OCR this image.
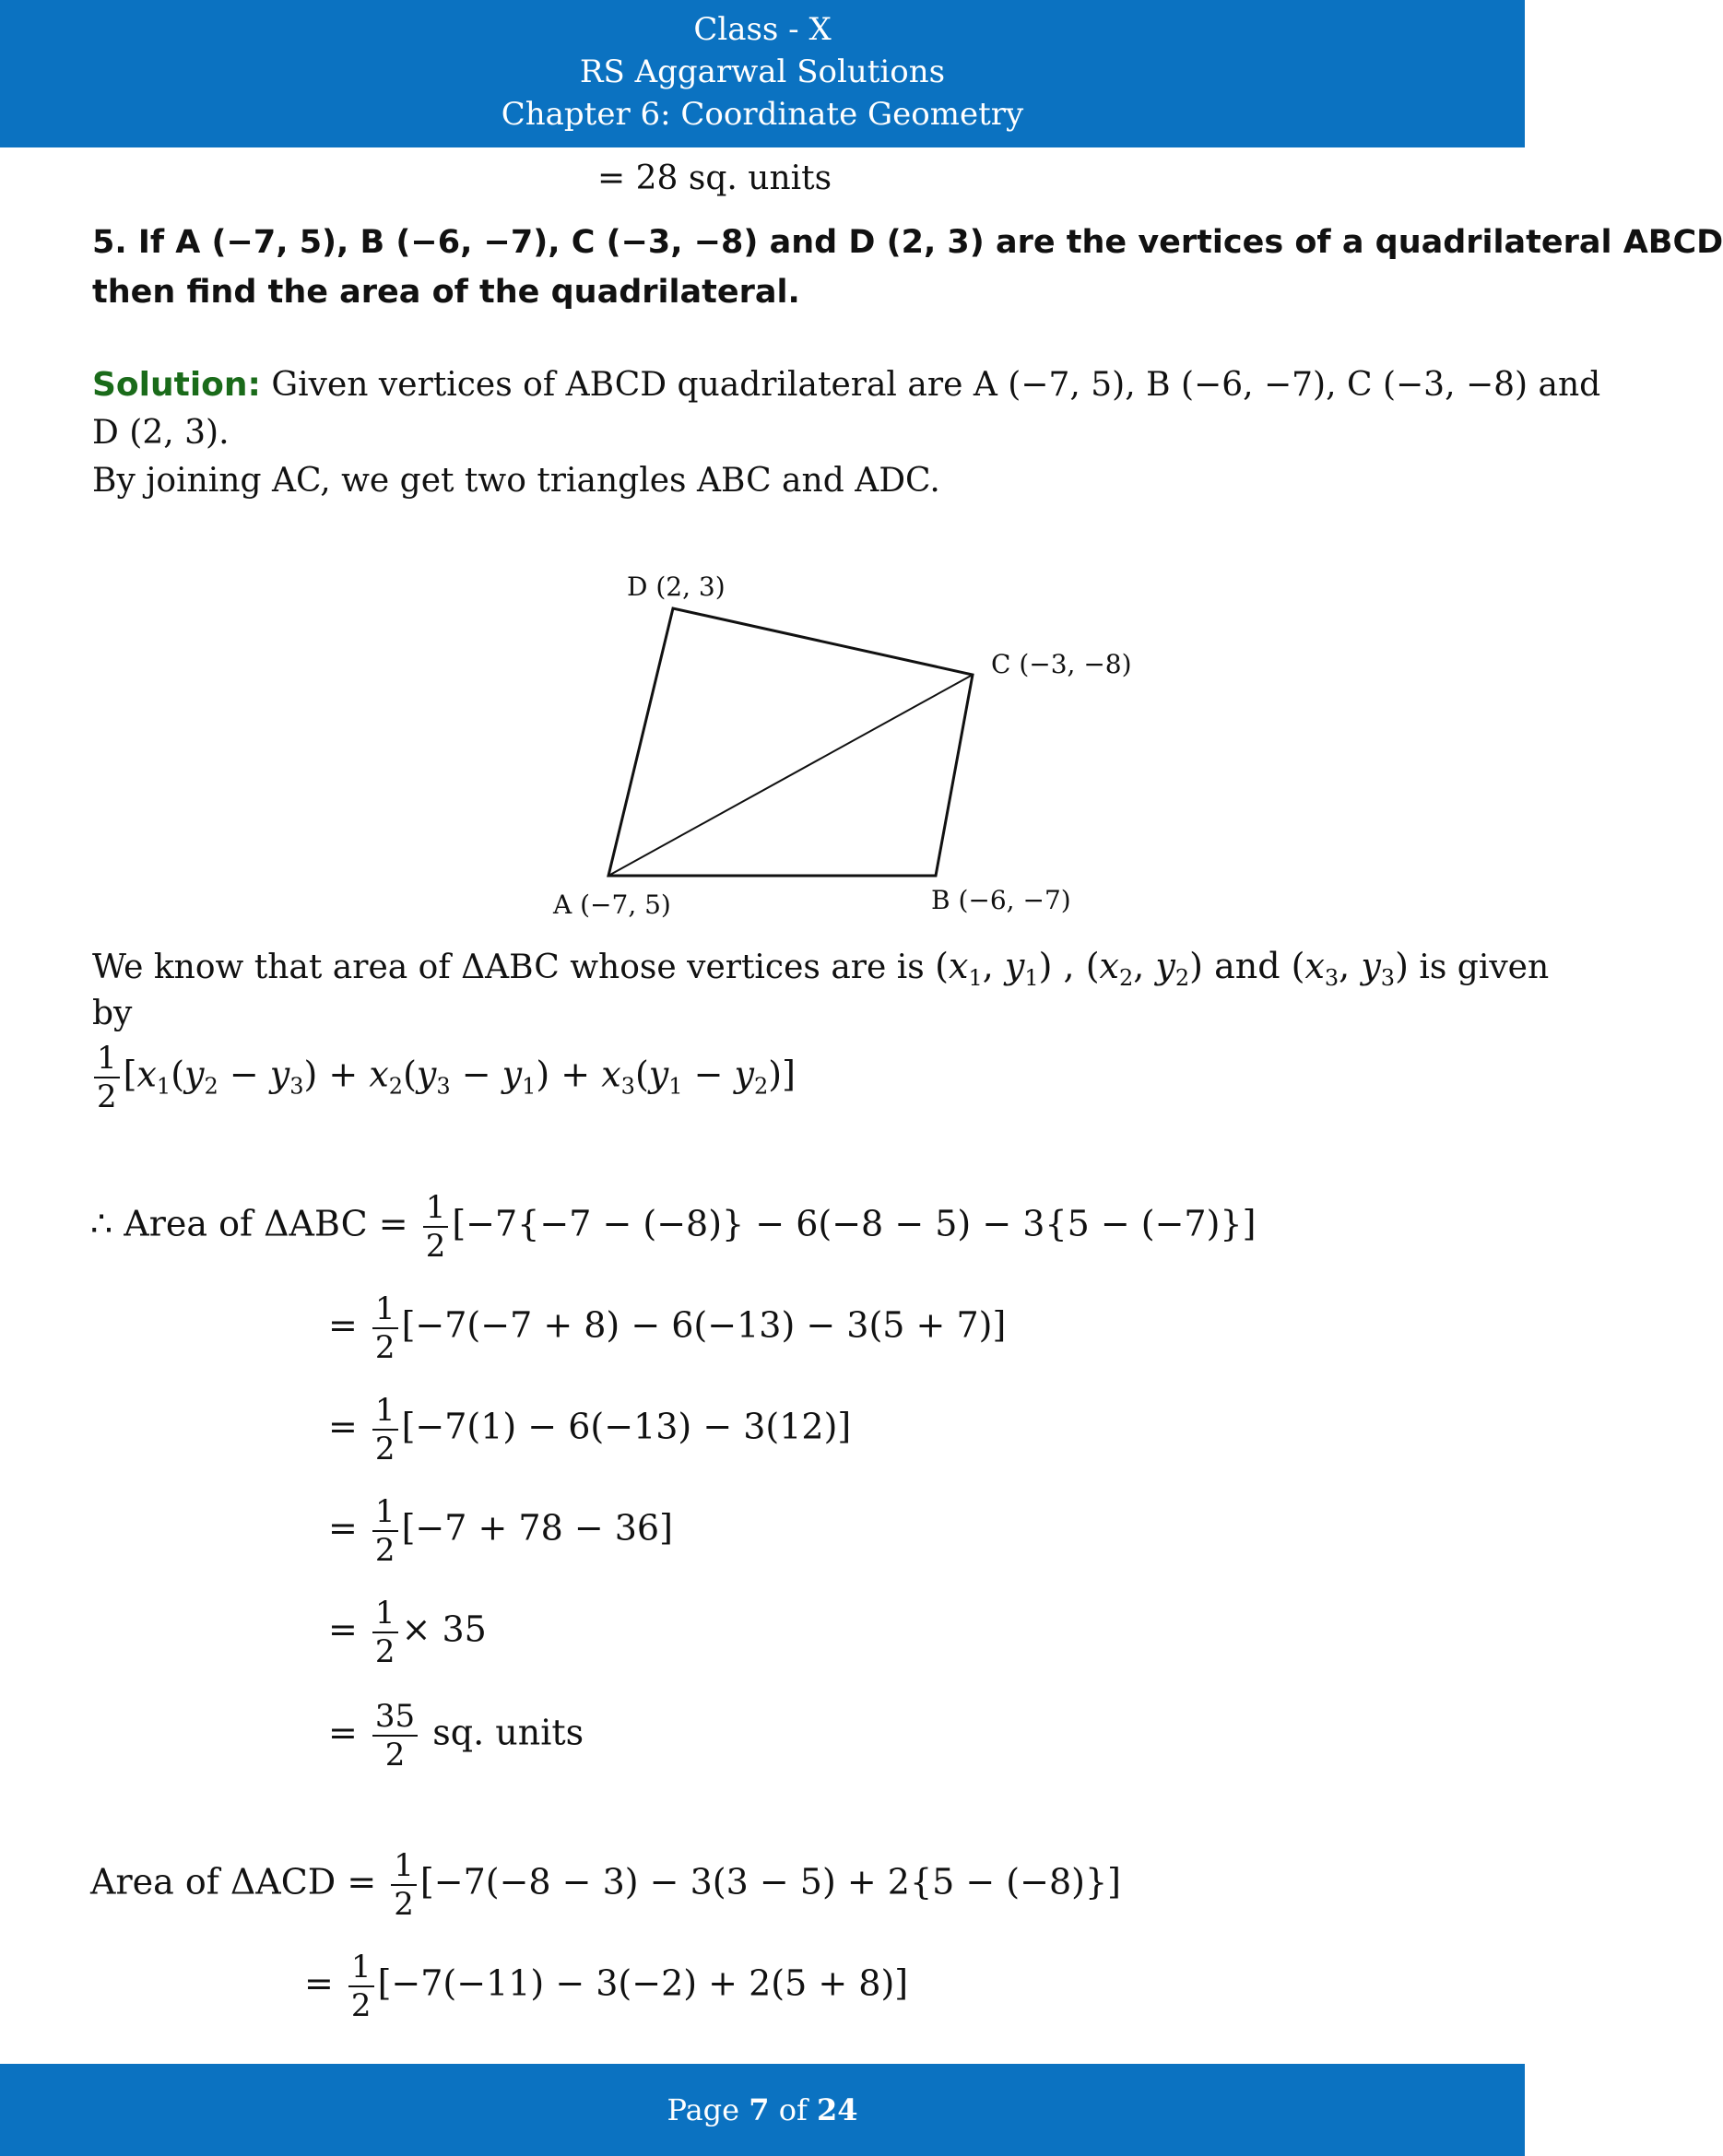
Class - X
RS Aggarwal Solutions
Chapter 6: Coordinate Geometry
= 28 sq. units
5. If A (−7, 5), B (−6, −7), C (−3, −8) and D (2, 3) are the vertices of a quadrilateral ABCD
then find the area of the quadrilateral.
Solution: Given vertices of ABCD quadrilateral are A (−7, 5), B (−6, −7), C (−3, −8) and
D (2, 3).
By joining AC, we get two triangles ABC and ADC.
D (2, 3)
C (−3, −8)
A (−7, 5)	B (−6, −7)
We know that area of ΔABC whose vertices are is ($x_1$, $y_1$) , ($x_2$, $y_2$) and ($x_3$, $y_3$) is given
by
$\frac{1}{2} [x_1(y_2 - y_3) + x_2(y_3 - y_1) + x_3(y_1 - y_2)]$
∴ Area of $\Delta ABC = \frac{1}{2} [-7\{-7 - (-8)\} - 6(-8 - 5) - 3\{5 - (-7)\}]$
= $\frac{1}{2} [-7(-7 + 8) - 6(-13) - 3(5 + 7)]$
= $\frac{1}{2} [-7(1) - 6(-13) - 3(12)]$
= $\frac{1}{2} [-7 + 78 - 36]$
= $\frac{1}{2} \times 35$
= $\frac{35}{2}$ sq. units
Area of $\Delta ACD = \frac{1}{2} [-7(-8 - 3) - 3(3 - 5) + 2\{5 - (-8)\}]$
= $\frac{1}{2} [-7(-11) - 3(-2) + 2(5 + 8)]$
Page 7 of 24
